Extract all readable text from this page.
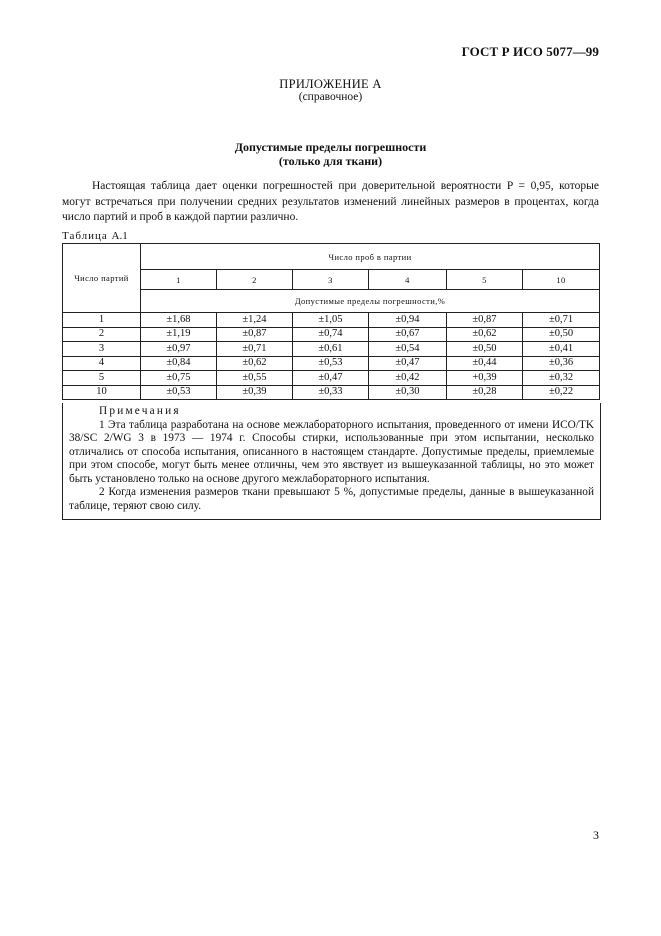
ГОСТ Р ИСО 5077—99
ПРИЛОЖЕНИЕ А
(справочное)
Допустимые пределы погрешности
(только для ткани)

Настоящая таблица дает оценки погрешностей при доверительной вероятности P = 0,95, которые могут встречаться при получении средних результатов изменений линейных размеров в процентах, когда число партий и проб в каждой партии различно.

Таблица А.1
Число партий	Число проб в партии					
	1	2	3	4	5	10
	Допустимые пределы погрешности,%					
1	±1,68	±1,24	±1,05	±0,94	±0,87	±0,71
2	±1,19	±0,87	±0,74	±0,67	±0,62	±0,50
3	±0,97	±0,71	±0,61	±0,54	±0,50	±0,41
4	±0,84	±0,62	±0,53	±0,47	±0,44	±0,36
5	±0,75	±0,55	±0,47	±0,42	+0,39	±0,32
10	±0,53	±0,39	±0,33	±0,30	±0,28	±0,22
Примечания

1 Эта таблица разработана на основе межлабораторного испытания, проведенного от имени ИСО/TK 38/SC 2/WG 3 в 1973 — 1974 г. Способы стирки, использованные при этом испытании, несколько отличались от способа испытания, описанного в настоящем стандарте. Допустимые пределы, приемлемые при этом способе, могут быть менее отличны, чем это явствует из вышеуказанной таблицы, но это может быть установлено только на основе другого межлабораторного испытания.

2 Когда изменения размеров ткани превышают 5 %, допустимые пределы, данные в вышеуказанной таблице, теряют свою силу.

3
